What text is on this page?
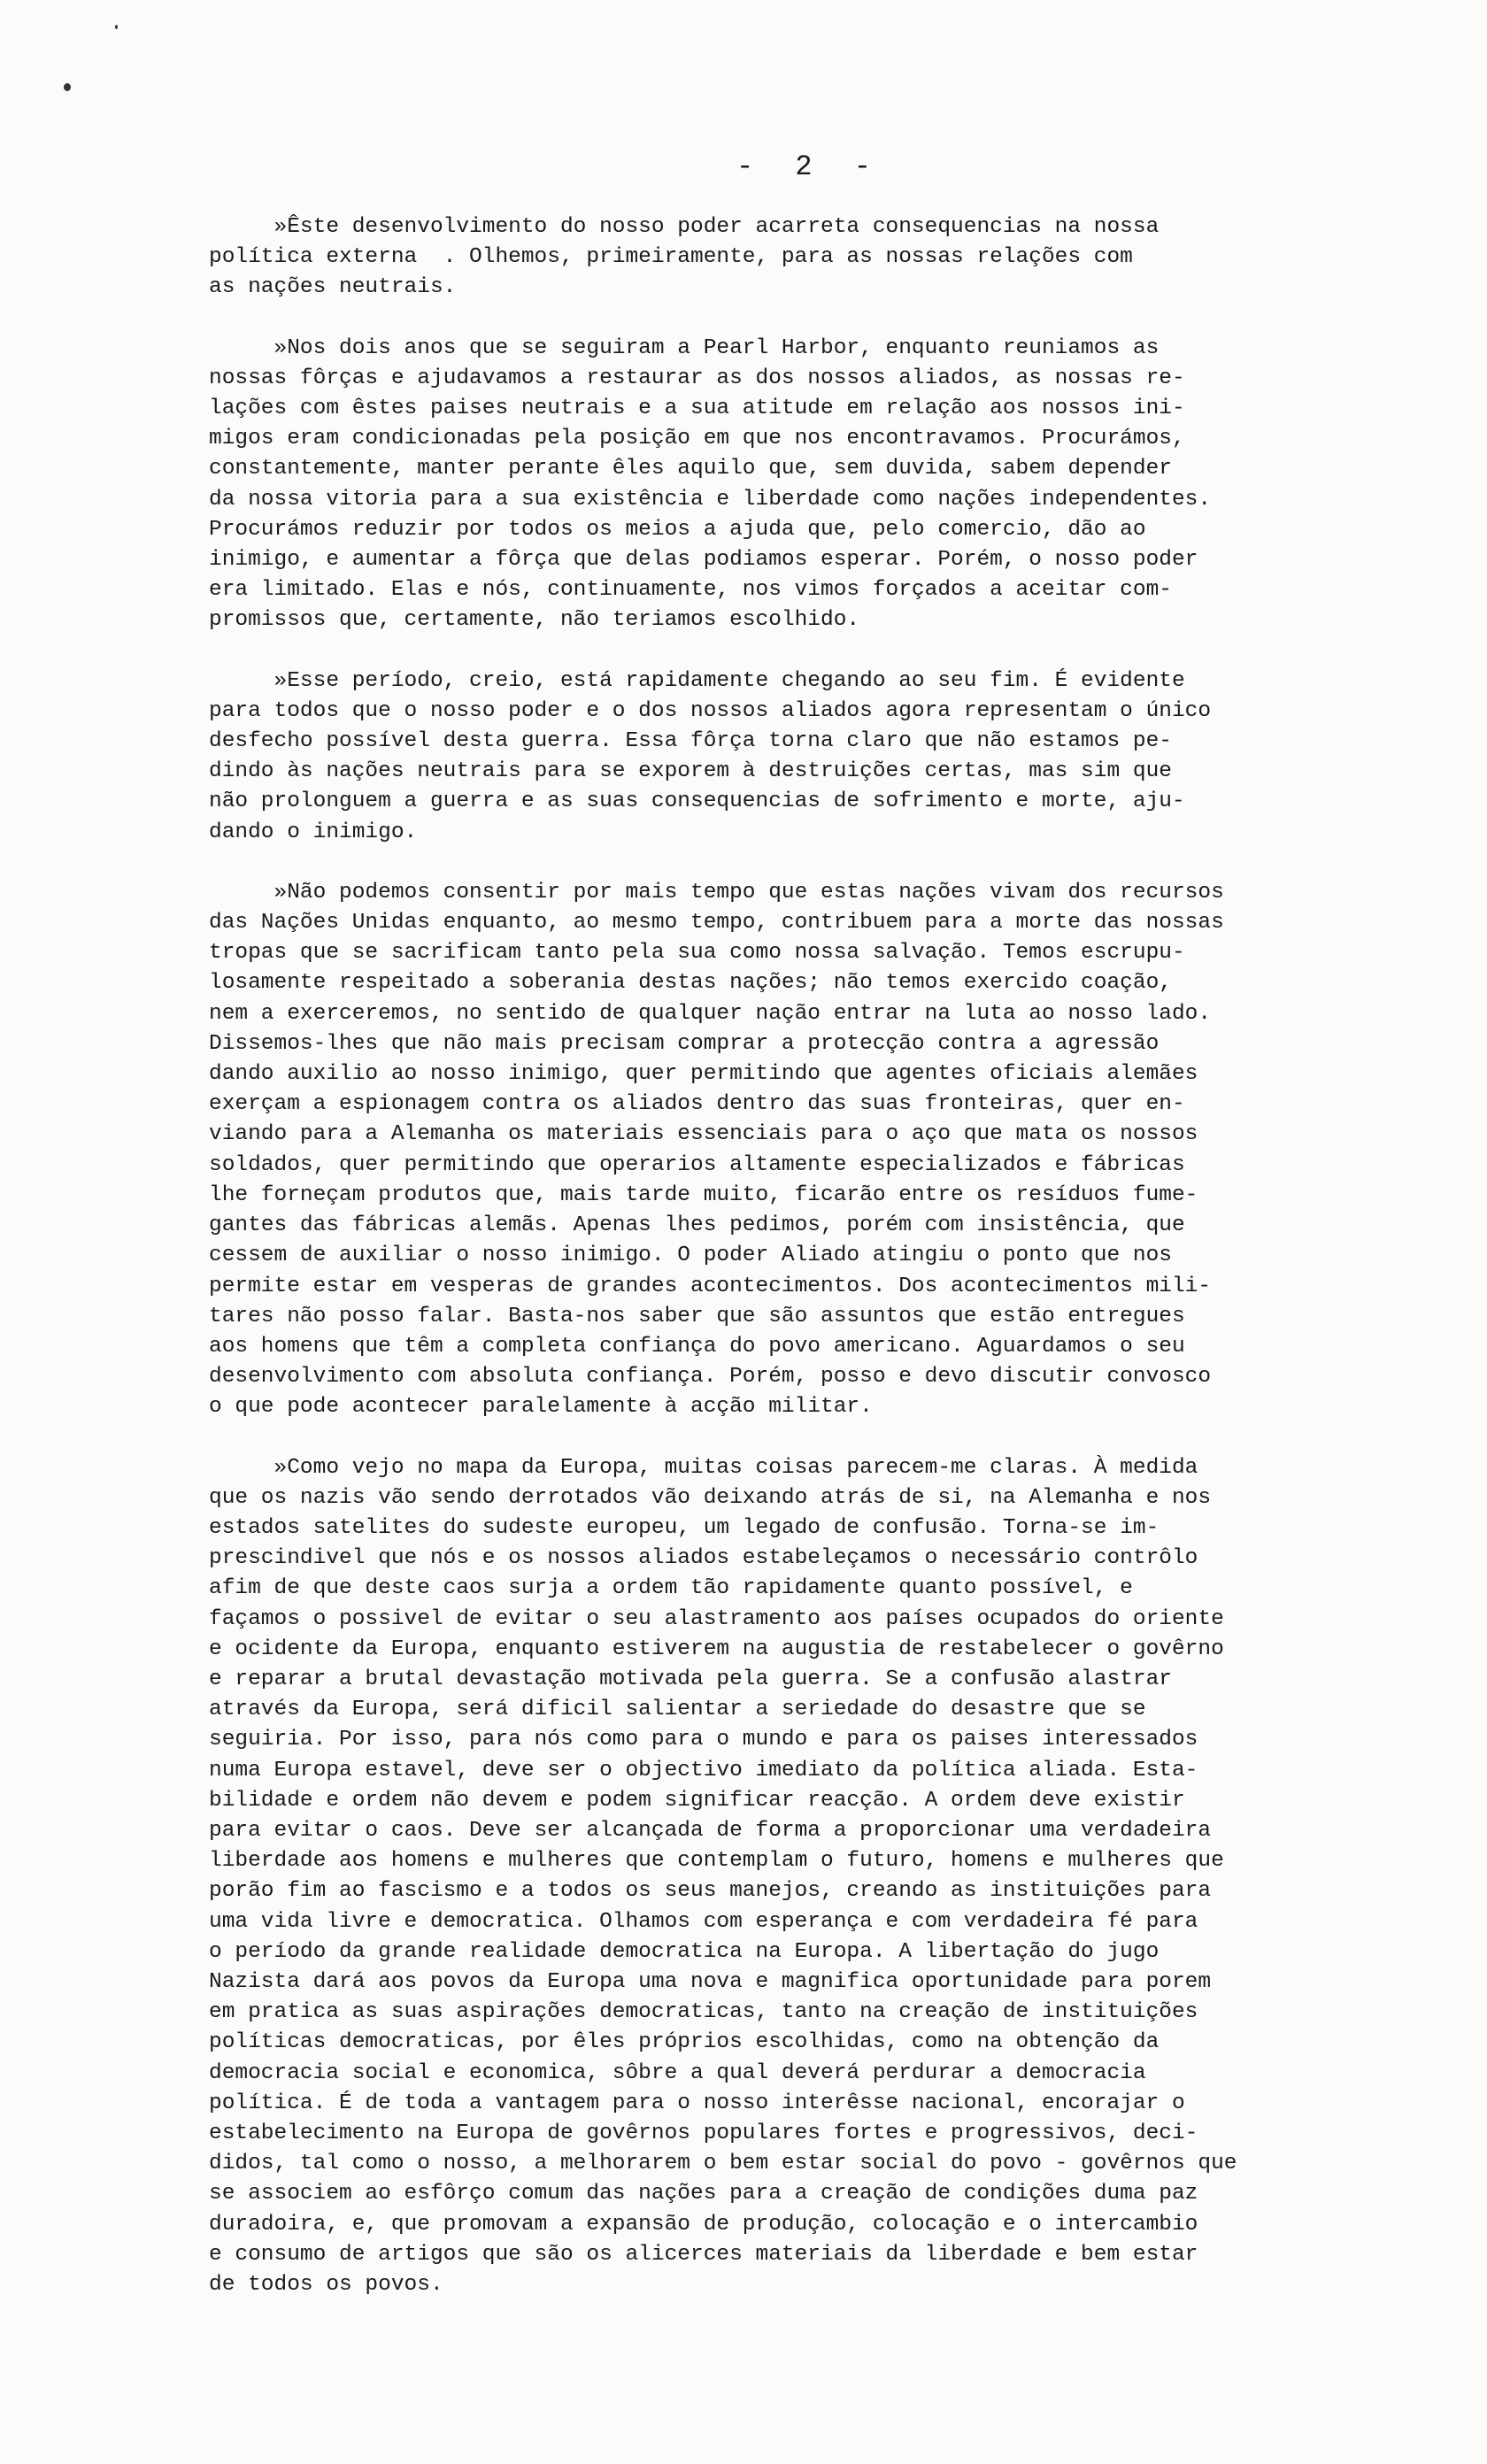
- 2 -
»Êste desenvolvimento do nosso poder acarreta consequencias na nossa
política externa  . Olhemos, primeiramente, para as nossas relações com
as nações neutrais.
»Nos dois anos que se seguiram a Pearl Harbor, enquanto reuniamos as
nossas fôrças e ajudavamos a restaurar as dos nossos aliados, as nossas re-
lações com êstes paises neutrais e a sua atitude em relação aos nossos ini-
migos eram condicionadas pela posição em que nos encontravamos. Procurámos,
constantemente, manter perante êles aquilo que, sem duvida, sabem depender
da nossa vitoria para a sua existência e liberdade como nações independentes.
Procurámos reduzir por todos os meios a ajuda que, pelo comercio, dão ao
inimigo, e aumentar a fôrça que delas podiamos esperar. Porém, o nosso poder
era limitado. Elas e nós, continuamente, nos vimos forçados a aceitar com-
promissos que, certamente, não teriamos escolhido.
»Esse período, creio, está rapidamente chegando ao seu fim. É evidente
para todos que o nosso poder e o dos nossos aliados agora representam o único
desfecho possível desta guerra. Essa fôrça torna claro que não estamos pe-
dindo às nações neutrais para se exporem à destruições certas, mas sim que
não prolonguem a guerra e as suas consequencias de sofrimento e morte, aju-
dando o inimigo.
»Não podemos consentir por mais tempo que estas nações vivam dos recursos
das Nações Unidas enquanto, ao mesmo tempo, contribuem para a morte das nossas
tropas que se sacrificam tanto pela sua como nossa salvação. Temos escrupu-
losamente respeitado a soberania destas nações; não temos exercido coação,
nem a exerceremos, no sentido de qualquer nação entrar na luta ao nosso lado.
Dissemos-lhes que não mais precisam comprar a protecção contra a agressão
dando auxilio ao nosso inimigo, quer permitindo que agentes oficiais alemães
exerçam a espionagem contra os aliados dentro das suas fronteiras, quer en-
viando para a Alemanha os materiais essenciais para o aço que mata os nossos
soldados, quer permitindo que operarios altamente especializados e fábricas
lhe forneçam produtos que, mais tarde muito, ficarão entre os resíduos fume-
gantes das fábricas alemãs. Apenas lhes pedimos, porém com insistência, que
cessem de auxiliar o nosso inimigo. O poder Aliado atingiu o ponto que nos
permite estar em vesperas de grandes acontecimentos. Dos acontecimentos mili-
tares não posso falar. Basta-nos saber que são assuntos que estão entregues
aos homens que têm a completa confiança do povo americano. Aguardamos o seu
desenvolvimento com absoluta confiança. Porém, posso e devo discutir convosco
o que pode acontecer paralelamente à acção militar.
»Como vejo no mapa da Europa, muitas coisas parecem-me claras. À medida
que os nazis vão sendo derrotados vão deixando atrás de si, na Alemanha e nos
estados satelites do sudeste europeu, um legado de confusão. Torna-se im-
prescindivel que nós e os nossos aliados estabeleçamos o necessário contrôlo
afim de que deste caos surja a ordem tão rapidamente quanto possível, e
façamos o possivel de evitar o seu alastramento aos países ocupados do oriente
e ocidente da Europa, enquanto estiverem na augustia de restabelecer o govêrno
e reparar a brutal devastação motivada pela guerra. Se a confusão alastrar
através da Europa, será dificil salientar a seriedade do desastre que se
seguiria. Por isso, para nós como para o mundo e para os paises interessados
numa Europa estavel, deve ser o objectivo imediato da política aliada. Esta-
bilidade e ordem não devem e podem significar reacção. A ordem deve existir
para evitar o caos. Deve ser alcançada de forma a proporcionar uma verdadeira
liberdade aos homens e mulheres que contemplam o futuro, homens e mulheres que
porão fim ao fascismo e a todos os seus manejos, creando as instituições para
uma vida livre e democratica. Olhamos com esperança e com verdadeira fé para
o período da grande realidade democratica na Europa. A libertação do jugo
Nazista dará aos povos da Europa uma nova e magnifica oportunidade para porem
em pratica as suas aspirações democraticas, tanto na creação de instituições
políticas democraticas, por êles próprios escolhidas, como na obtenção da
democracia social e economica, sôbre a qual deverá perdurar a democracia
política. É de toda a vantagem para o nosso interêsse nacional, encorajar o
estabelecimento na Europa de govêrnos populares fortes e progressivos, deci-
didos, tal como o nosso, a melhorarem o bem estar social do povo - govêrnos que
se associem ao esfôrço comum das nações para a creação de condições duma paz
duradoira, e, que promovam a expansão de produção, colocação e o intercambio
e consumo de artigos que são os alicerces materiais da liberdade e bem estar
de todos os povos.
